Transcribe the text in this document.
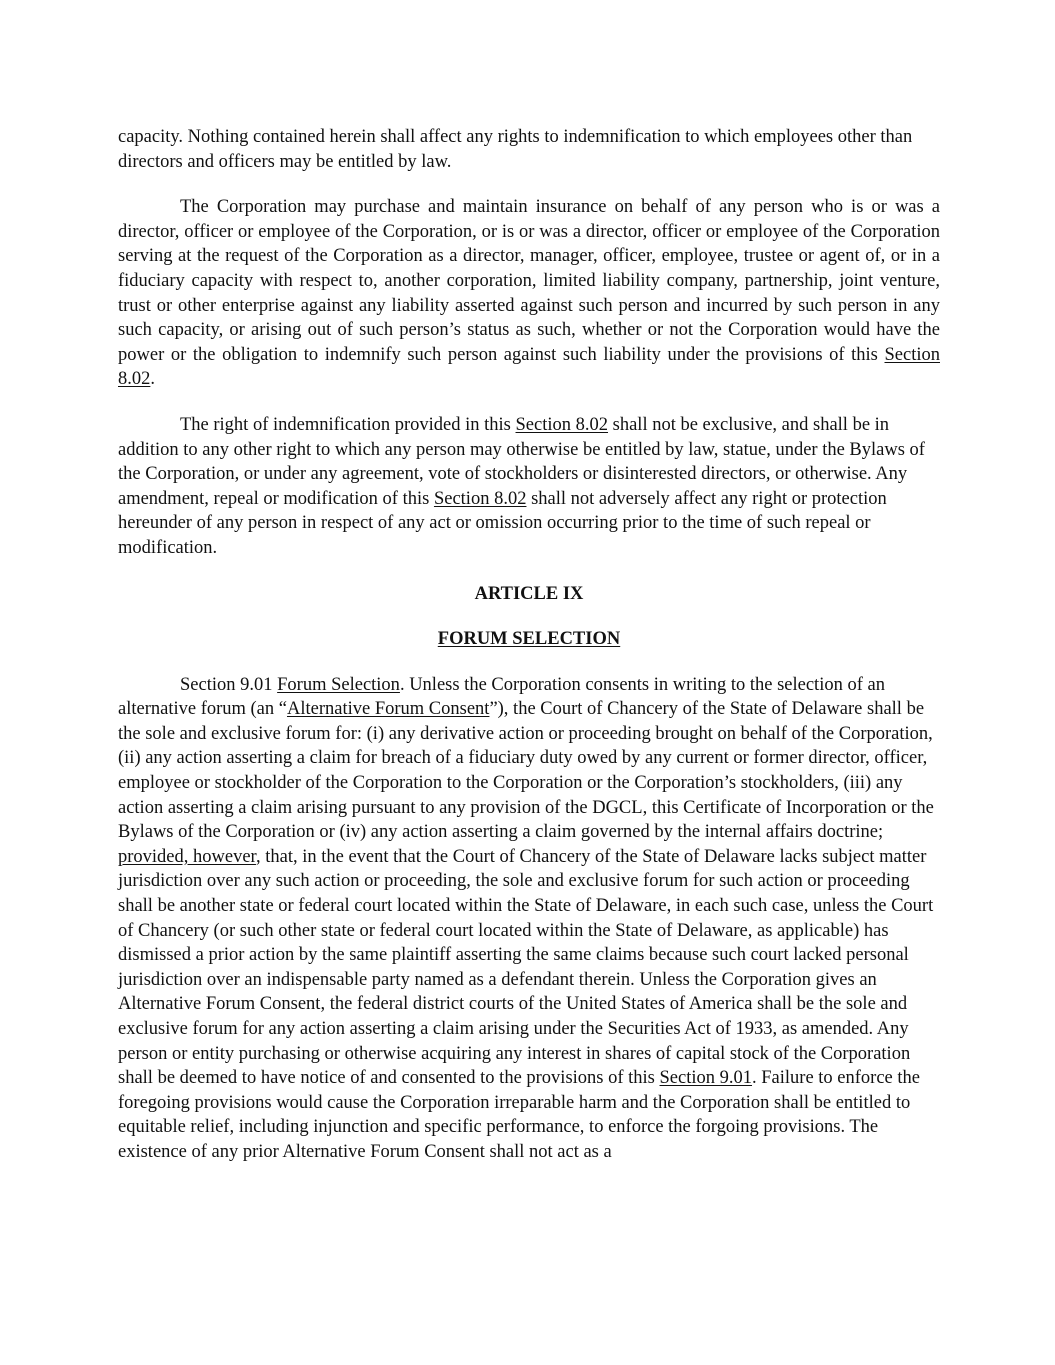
capacity. Nothing contained herein shall affect any rights to indemnification to which employees other than directors and officers may be entitled by law.

The Corporation may purchase and maintain insurance on behalf of any person who is or was a director, officer or employee of the Corporation, or is or was a director, officer or employee of the Corporation serving at the request of the Corporation as a director, manager, officer, employee, trustee or agent of, or in a fiduciary capacity with respect to, another corporation, limited liability company, partnership, joint venture, trust or other enterprise against any liability asserted against such person and incurred by such person in any such capacity, or arising out of such person’s status as such, whether or not the Corporation would have the power or the obligation to indemnify such person against such liability under the provisions of this Section 8.02.

The right of indemnification provided in this Section 8.02 shall not be exclusive, and shall be in addition to any other right to which any person may otherwise be entitled by law, statue, under the Bylaws of the Corporation, or under any agreement, vote of stockholders or disinterested directors, or otherwise. Any amendment, repeal or modification of this Section 8.02 shall not adversely affect any right or protection hereunder of any person in respect of any act or omission occurring prior to the time of such repeal or modification.

ARTICLE IX

FORUM SELECTION

Section 9.01 Forum Selection. Unless the Corporation consents in writing to the selection of an alternative forum (an “Alternative Forum Consent”), the Court of Chancery of the State of Delaware shall be the sole and exclusive forum for: (i) any derivative action or proceeding brought on behalf of the Corporation, (ii) any action asserting a claim for breach of a fiduciary duty owed by any current or former director, officer, employee or stockholder of the Corporation to the Corporation or the Corporation’s stockholders, (iii) any action asserting a claim arising pursuant to any provision of the DGCL, this Certificate of Incorporation or the Bylaws of the Corporation or (iv) any action asserting a claim governed by the internal affairs doctrine; provided, however, that, in the event that the Court of Chancery of the State of Delaware lacks subject matter jurisdiction over any such action or proceeding, the sole and exclusive forum for such action or proceeding shall be another state or federal court located within the State of Delaware, in each such case, unless the Court of Chancery (or such other state or federal court located within the State of Delaware, as applicable) has dismissed a prior action by the same plaintiff asserting the same claims because such court lacked personal jurisdiction over an indispensable party named as a defendant therein. Unless the Corporation gives an Alternative Forum Consent, the federal district courts of the United States of America shall be the sole and exclusive forum for any action asserting a claim arising under the Securities Act of 1933, as amended. Any person or entity purchasing or otherwise acquiring any interest in shares of capital stock of the Corporation shall be deemed to have notice of and consented to the provisions of this Section 9.01. Failure to enforce the foregoing provisions would cause the Corporation irreparable harm and the Corporation shall be entitled to equitable relief, including injunction and specific performance, to enforce the forgoing provisions. The existence of any prior Alternative Forum Consent shall not act as a
